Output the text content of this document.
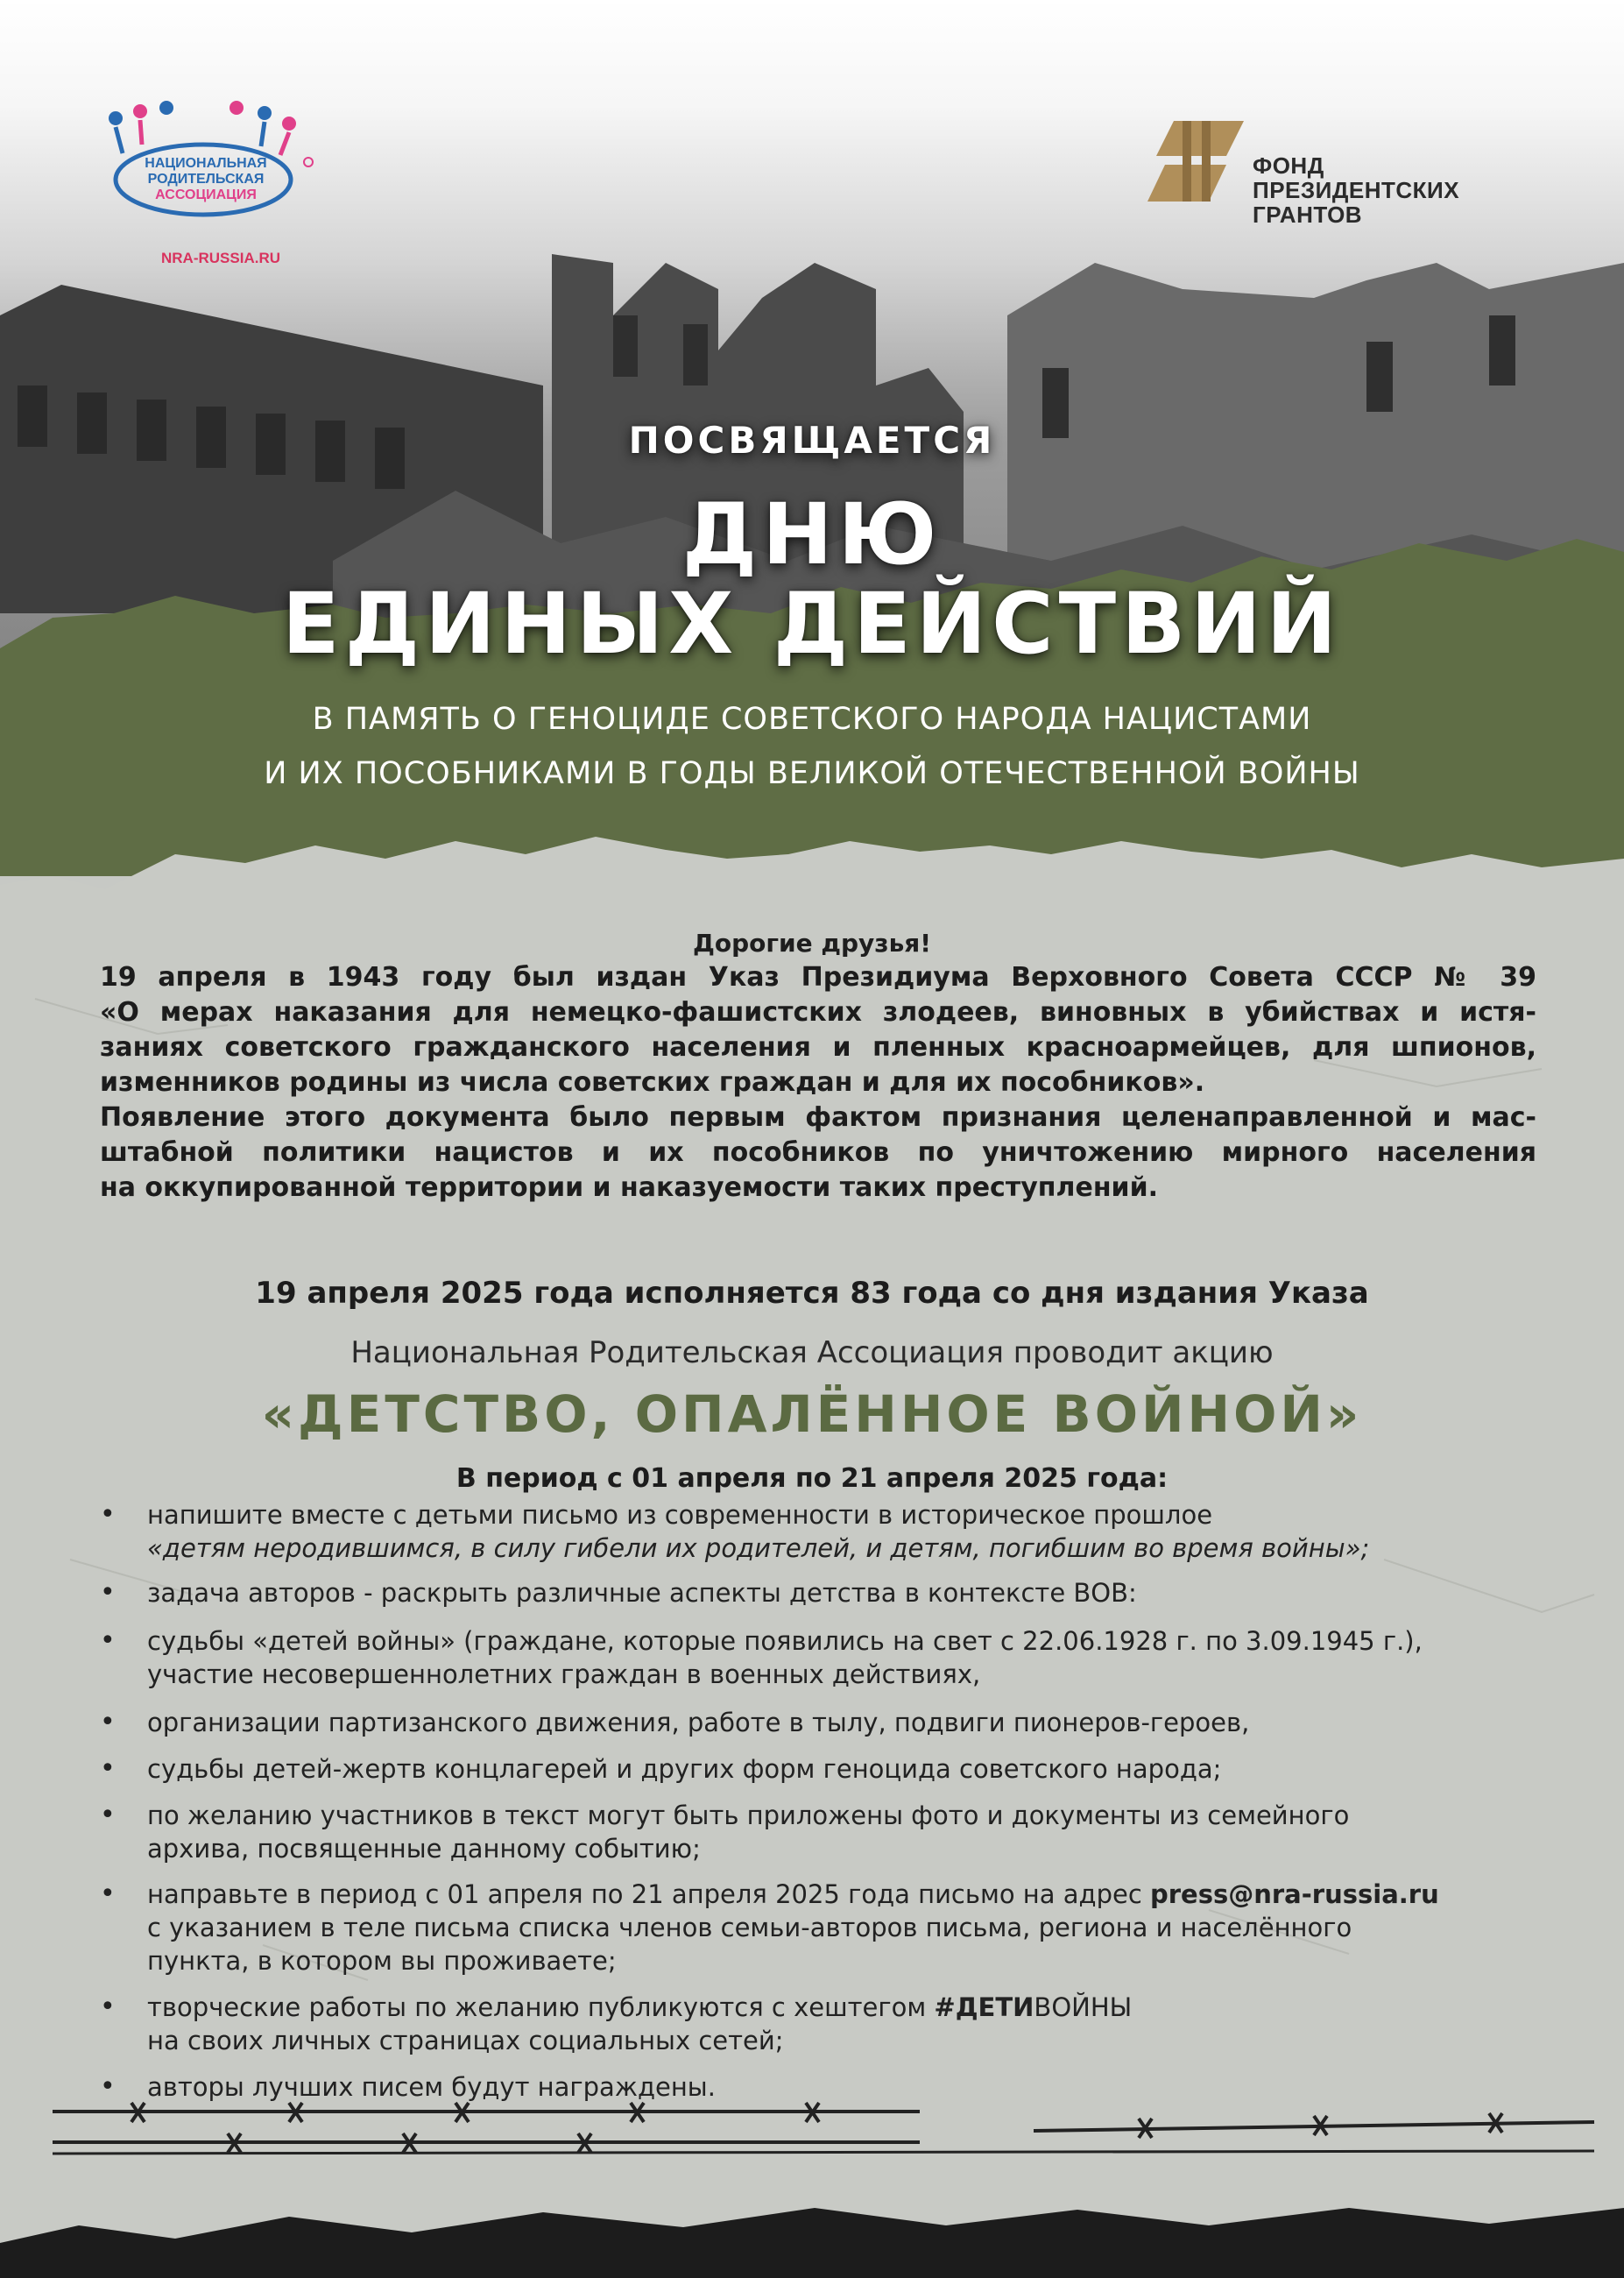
НАЦИОНАЛЬНАЯ
РОДИТЕЛЬСКАЯ
АССОЦИАЦИЯ
NRA-RUSSIA.RU
ФОНД
ПРЕЗИДЕНТСКИХ
ГРАНТОВ
ПОСВЯЩАЕТСЯ
ДНЮ
ЕДИНЫХ ДЕЙСТВИЙ
В ПАМЯТЬ О ГЕНОЦИДЕ СОВЕТСКОГО НАРОДА НАЦИСТАМИ
И ИХ ПОСОБНИКАМИ В ГОДЫ ВЕЛИКОЙ ОТЕЧЕСТВЕННОЙ ВОЙНЫ
Дорогие друзья!
19 апреля в 1943 году был издан Указ Президиума Верховного Совета СССР № 39
«О мерах наказания для немецко-фашистских злодеев, виновных в убийствах и истя-
заниях советского гражданского населения и пленных красноармейцев, для шпионов,
изменников родины из числа советских граждан и для их пособников».
Появление этого документа было первым фактом признания целенаправленной и мас-
штабной политики нацистов и их пособников по уничтожению мирного населения
на оккупированной территории и наказуемости таких преступлений.
19 апреля 2025 года исполняется 83 года со дня издания Указа
Национальная Родительская Ассоциация проводит акцию
«ДЕТСТВО, ОПАЛЁННОЕ ВОЙНОЙ»
В период с 01 апреля по 21 апреля 2025 года:
• напишите вместе с детьми письмо из современности в историческое прошлое
«детям неродившимся, в силу гибели их родителей, и детям, погибшим во время войны»;
• задача авторов - раскрыть различные аспекты детства в контексте ВОВ:
• судьбы «детей войны» (граждане, которые появились на свет с 22.06.1928 г. по 3.09.1945 г.),
участие несовершеннолетних граждан в военных действиях,
• организации партизанского движения, работе в тылу, подвиги пионеров-героев,
• судьбы детей-жертв концлагерей и других форм геноцида советского народа;
• по желанию участников в текст могут быть приложены фото и документы из семейного
архива, посвященные данному событию;
• направьте в период с 01 апреля по 21 апреля 2025 года письмо на адрес press@nra-russia.ru
с указанием в теле письма списка членов семьи-авторов письма, региона и населённого
пункта, в котором вы проживаете;
• творческие работы по желанию публикуются с хештегом #ДЕТИВОЙНЫ
на своих личных страницах социальных сетей;
• авторы лучших писем будут награждены.
